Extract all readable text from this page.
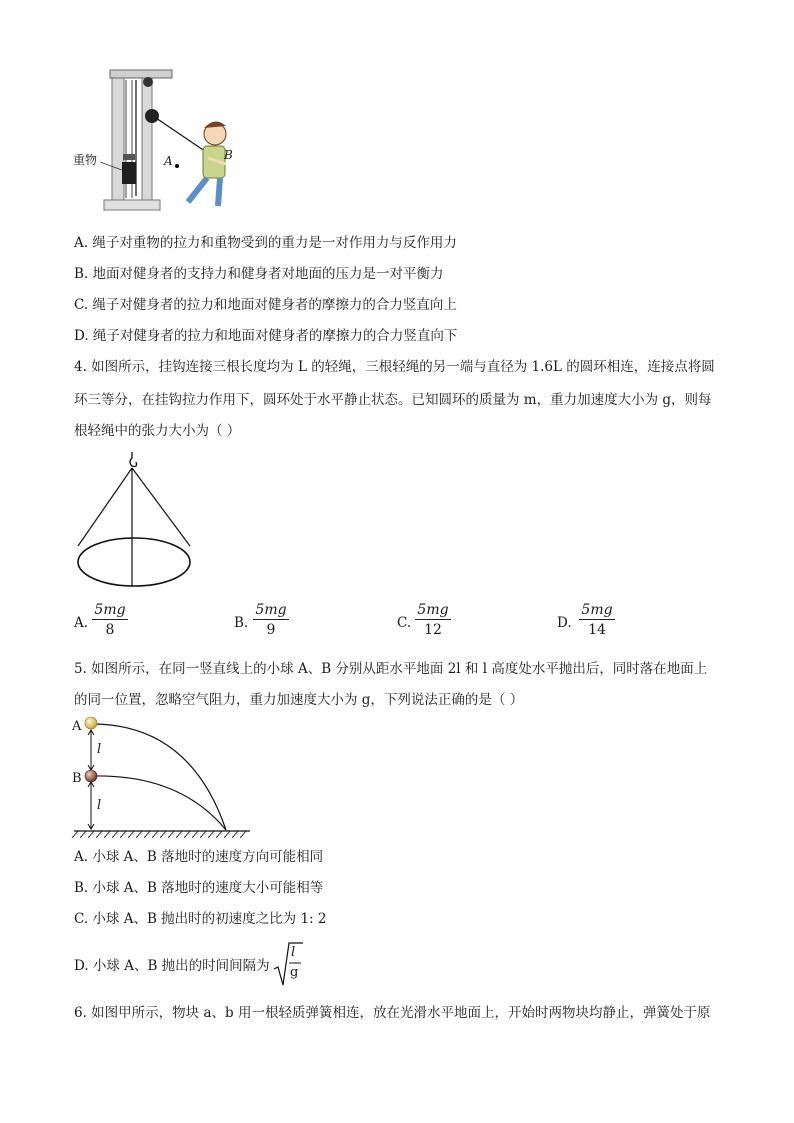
重物	A	B
A. 绳子对重物的拉力和重物受到的重力是一对作用力与反作用力
B. 地面对健身者的支持力和健身者对地面的压力是一对平衡力
C. 绳子对健身者的拉力和地面对健身者的摩擦力的合力竖直向上
D. 绳子对健身者的拉力和地面对健身者的摩擦力的合力竖直向下
4. 如图所示，挂钩连接三根长度均为 L 的轻绳，三根轻绳的另一端与直径为 1.6L 的圆环相连，连接点将圆
环三等分，在挂钩拉力作用下，圆环处于水平静止状态。已知圆环的质量为 m，重力加速度大小为 g，则每
根轻绳中的张力大小为（ ）
A.
5mg
8	B.
5mg
9	C.
5mg
12	D.
5mg
14
5. 如图所示，在同一竖直线上的小球 A、B 分别从距水平地面 2l 和 l 高度处水平抛出后，同时落在地面上
的同一位置，忽略空气阻力，重力加速度大小为 g，下列说法正确的是（ ）
A
B
l
l
A. 小球 A、B 落地时的速度方向可能相同
B. 小球 A、B 落地时的速度大小可能相等
C. 小球 A、B 抛出时的初速度之比为 1: 2
D. 小球 A、B 抛出的时间间隔为
l
g
6. 如图甲所示，物块 a、b 用一根轻质弹簧相连，放在光滑水平地面上，开始时两物块均静止，弹簧处于原
